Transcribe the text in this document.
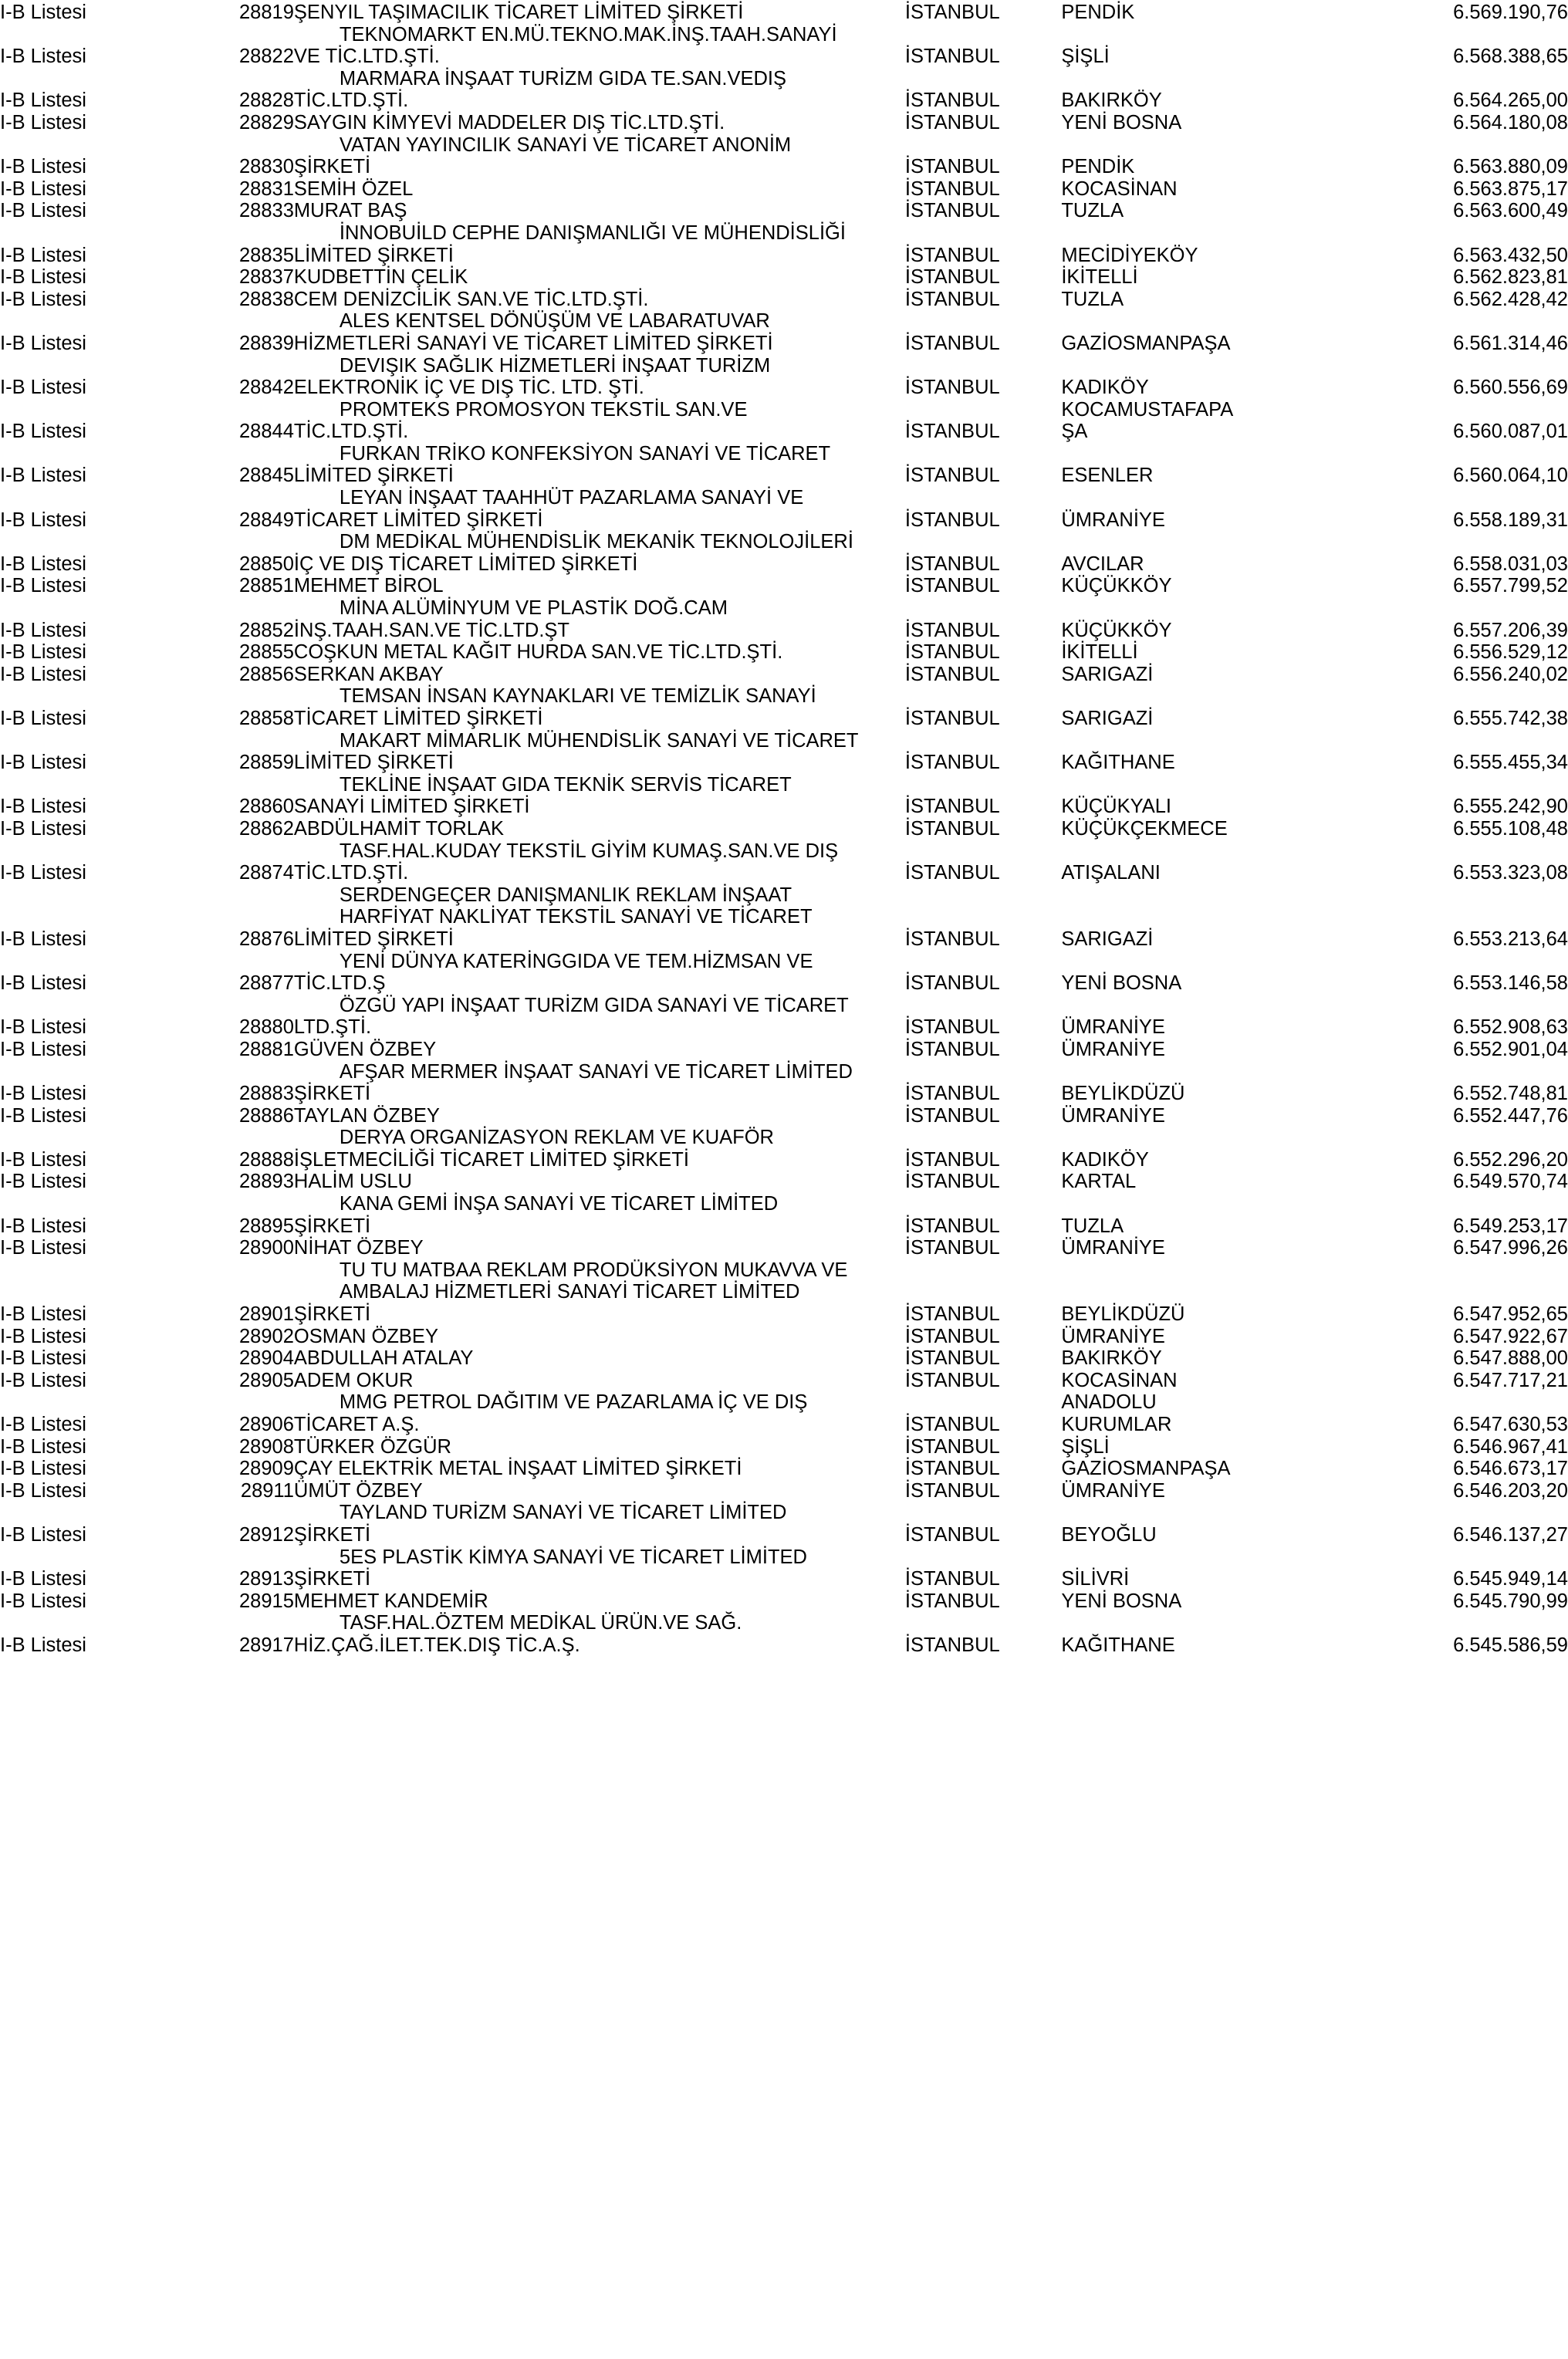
I-B Listesi	28819	ŞENYIL TAŞIMACILIK TİCARET LİMİTED ŞİRKETİ	İSTANBUL		PENDİK	6.569.190,76
		TEKNOMARKT EN.MÜ.TEKNO.MAK.İNŞ.TAAH.SANAYİ				
I-B Listesi	28822	VE TİC.LTD.ŞTİ.	İSTANBUL		ŞİŞLİ	6.568.388,65
		MARMARA İNŞAAT TURİZM GIDA TE.SAN.VEDIŞ				
I-B Listesi	28828	TİC.LTD.ŞTİ.	İSTANBUL		BAKIRKÖY	6.564.265,00
I-B Listesi	28829	SAYGIN KİMYEVİ MADDELER DIŞ TİC.LTD.ŞTİ.	İSTANBUL		YENİ BOSNA	6.564.180,08
		VATAN YAYINCILIK SANAYİ VE TİCARET ANONİM				
I-B Listesi	28830	ŞİRKETİ	İSTANBUL		PENDİK	6.563.880,09
I-B Listesi	28831	SEMİH ÖZEL	İSTANBUL		KOCASİNAN	6.563.875,17
I-B Listesi	28833	MURAT BAŞ	İSTANBUL		TUZLA	6.563.600,49
		İNNOBUİLD CEPHE DANIŞMANLIĞI VE MÜHENDİSLİĞİ				
I-B Listesi	28835	LİMİTED ŞİRKETİ	İSTANBUL		MECİDİYEKÖY	6.563.432,50
I-B Listesi	28837	KUDBETTİN ÇELİK	İSTANBUL		İKİTELLİ	6.562.823,81
I-B Listesi	28838	CEM DENİZCİLİK SAN.VE TİC.LTD.ŞTİ.	İSTANBUL		TUZLA	6.562.428,42
		ALES KENTSEL DÖNÜŞÜM VE LABARATUVAR				
I-B Listesi	28839	HİZMETLERİ SANAYİ VE TİCARET LİMİTED ŞİRKETİ	İSTANBUL		GAZİOSMANPAŞA	6.561.314,46
		DEVIŞIK SAĞLIK HİZMETLERİ İNŞAAT TURİZM				
I-B Listesi	28842	ELEKTRONİK İÇ VE DIŞ TİC. LTD. ŞTİ.	İSTANBUL		KADIKÖY	6.560.556,69
		PROMTEKS PROMOSYON TEKSTİL SAN.VE			KOCAMUSTAFAPA	
I-B Listesi	28844	TİC.LTD.ŞTİ.	İSTANBUL		ŞA	6.560.087,01
		FURKAN TRİKO KONFEKSİYON SANAYİ VE TİCARET				
I-B Listesi	28845	LİMİTED ŞİRKETİ	İSTANBUL		ESENLER	6.560.064,10
		LEYAN İNŞAAT TAAHHÜT PAZARLAMA SANAYİ VE				
I-B Listesi	28849	TİCARET LİMİTED ŞİRKETİ	İSTANBUL		ÜMRANİYE	6.558.189,31
		DM MEDİKAL MÜHENDİSLİK MEKANİK TEKNOLOJİLERİ				
I-B Listesi	28850	İÇ VE DIŞ TİCARET LİMİTED ŞİRKETİ	İSTANBUL		AVCILAR	6.558.031,03
I-B Listesi	28851	MEHMET BİROL	İSTANBUL		KÜÇÜKKÖY	6.557.799,52
		MİNA ALÜMİNYUM VE PLASTİK DOĞ.CAM				
I-B Listesi	28852	İNŞ.TAAH.SAN.VE TİC.LTD.ŞT	İSTANBUL		KÜÇÜKKÖY	6.557.206,39
I-B Listesi	28855	COŞKUN METAL KAĞIT HURDA SAN.VE TİC.LTD.ŞTİ.	İSTANBUL		İKİTELLİ	6.556.529,12
I-B Listesi	28856	SERKAN AKBAY	İSTANBUL		SARIGAZİ	6.556.240,02
		TEMSAN İNSAN KAYNAKLARI VE TEMİZLİK SANAYİ				
I-B Listesi	28858	TİCARET LİMİTED ŞİRKETİ	İSTANBUL		SARIGAZİ	6.555.742,38
		MAKART MİMARLIK MÜHENDİSLİK SANAYİ VE TİCARET				
I-B Listesi	28859	LİMİTED ŞİRKETİ	İSTANBUL		KAĞITHANE	6.555.455,34
		TEKLİNE İNŞAAT GIDA TEKNİK SERVİS TİCARET				
I-B Listesi	28860	SANAYİ LİMİTED ŞİRKETİ	İSTANBUL		KÜÇÜKYALI	6.555.242,90
I-B Listesi	28862	ABDÜLHAMİT TORLAK	İSTANBUL		KÜÇÜKÇEKMECE	6.555.108,48
		TASF.HAL.KUDAY TEKSTİL GİYİM KUMAŞ.SAN.VE DIŞ				
I-B Listesi	28874	TİC.LTD.ŞTİ.	İSTANBUL		ATIŞALANI	6.553.323,08
		SERDENGEÇER DANIŞMANLIK REKLAM İNŞAAT				
		HARFİYAT NAKLİYAT TEKSTİL SANAYİ VE TİCARET				
I-B Listesi	28876	LİMİTED ŞİRKETİ	İSTANBUL		SARIGAZİ	6.553.213,64
		YENİ DÜNYA KATERİNGGIDA VE TEM.HİZMSAN VE				
I-B Listesi	28877	TİC.LTD.Ş	İSTANBUL		YENİ BOSNA	6.553.146,58
		ÖZGÜ YAPI İNŞAAT TURİZM GIDA SANAYİ VE TİCARET				
I-B Listesi	28880	LTD.ŞTİ.	İSTANBUL		ÜMRANİYE	6.552.908,63
I-B Listesi	28881	GÜVEN ÖZBEY	İSTANBUL		ÜMRANİYE	6.552.901,04
		AFŞAR MERMER İNŞAAT SANAYİ VE TİCARET LİMİTED				
I-B Listesi	28883	ŞİRKETİ	İSTANBUL		BEYLİKDÜZÜ	6.552.748,81
I-B Listesi	28886	TAYLAN ÖZBEY	İSTANBUL		ÜMRANİYE	6.552.447,76
		DERYA ORGANİZASYON REKLAM VE KUAFÖR				
I-B Listesi	28888	İŞLETMECİLİĞİ TİCARET LİMİTED ŞİRKETİ	İSTANBUL		KADIKÖY	6.552.296,20
I-B Listesi	28893	HALİM USLU	İSTANBUL		KARTAL	6.549.570,74
		KANA GEMİ İNŞA SANAYİ VE TİCARET LİMİTED				
I-B Listesi	28895	ŞİRKETİ	İSTANBUL		TUZLA	6.549.253,17
I-B Listesi	28900	NİHAT ÖZBEY	İSTANBUL		ÜMRANİYE	6.547.996,26
		TU TU MATBAA REKLAM PRODÜKSİYON MUKAVVA VE				
		AMBALAJ HİZMETLERİ SANAYİ TİCARET LİMİTED				
I-B Listesi	28901	ŞİRKETİ	İSTANBUL		BEYLİKDÜZÜ	6.547.952,65
I-B Listesi	28902	OSMAN ÖZBEY	İSTANBUL		ÜMRANİYE	6.547.922,67
I-B Listesi	28904	ABDULLAH ATALAY	İSTANBUL		BAKIRKÖY	6.547.888,00
I-B Listesi	28905	ADEM OKUR	İSTANBUL		KOCASİNAN	6.547.717,21
		MMG PETROL DAĞITIM VE PAZARLAMA İÇ VE DIŞ			ANADOLU	
I-B Listesi	28906	TİCARET A.Ş.	İSTANBUL		KURUMLAR	6.547.630,53
I-B Listesi	28908	TÜRKER ÖZGÜR	İSTANBUL		ŞİŞLİ	6.546.967,41
I-B Listesi	28909	ÇAY ELEKTRİK METAL İNŞAAT LİMİTED ŞİRKETİ	İSTANBUL		GAZİOSMANPAŞA	6.546.673,17
I-B Listesi	28911	ÜMÜT ÖZBEY	İSTANBUL		ÜMRANİYE	6.546.203,20
		TAYLAND TURİZM SANAYİ VE TİCARET LİMİTED				
I-B Listesi	28912	ŞİRKETİ	İSTANBUL		BEYOĞLU	6.546.137,27
		5ES PLASTİK KİMYA SANAYİ VE TİCARET LİMİTED				
I-B Listesi	28913	ŞİRKETİ	İSTANBUL		SİLİVRİ	6.545.949,14
I-B Listesi	28915	MEHMET KANDEMİR	İSTANBUL		YENİ BOSNA	6.545.790,99
		TASF.HAL.ÖZTEM MEDİKAL ÜRÜN.VE SAĞ.				
I-B Listesi	28917	HİZ.ÇAĞ.İLET.TEK.DIŞ TİC.A.Ş.	İSTANBUL		KAĞITHANE	6.545.586,59
